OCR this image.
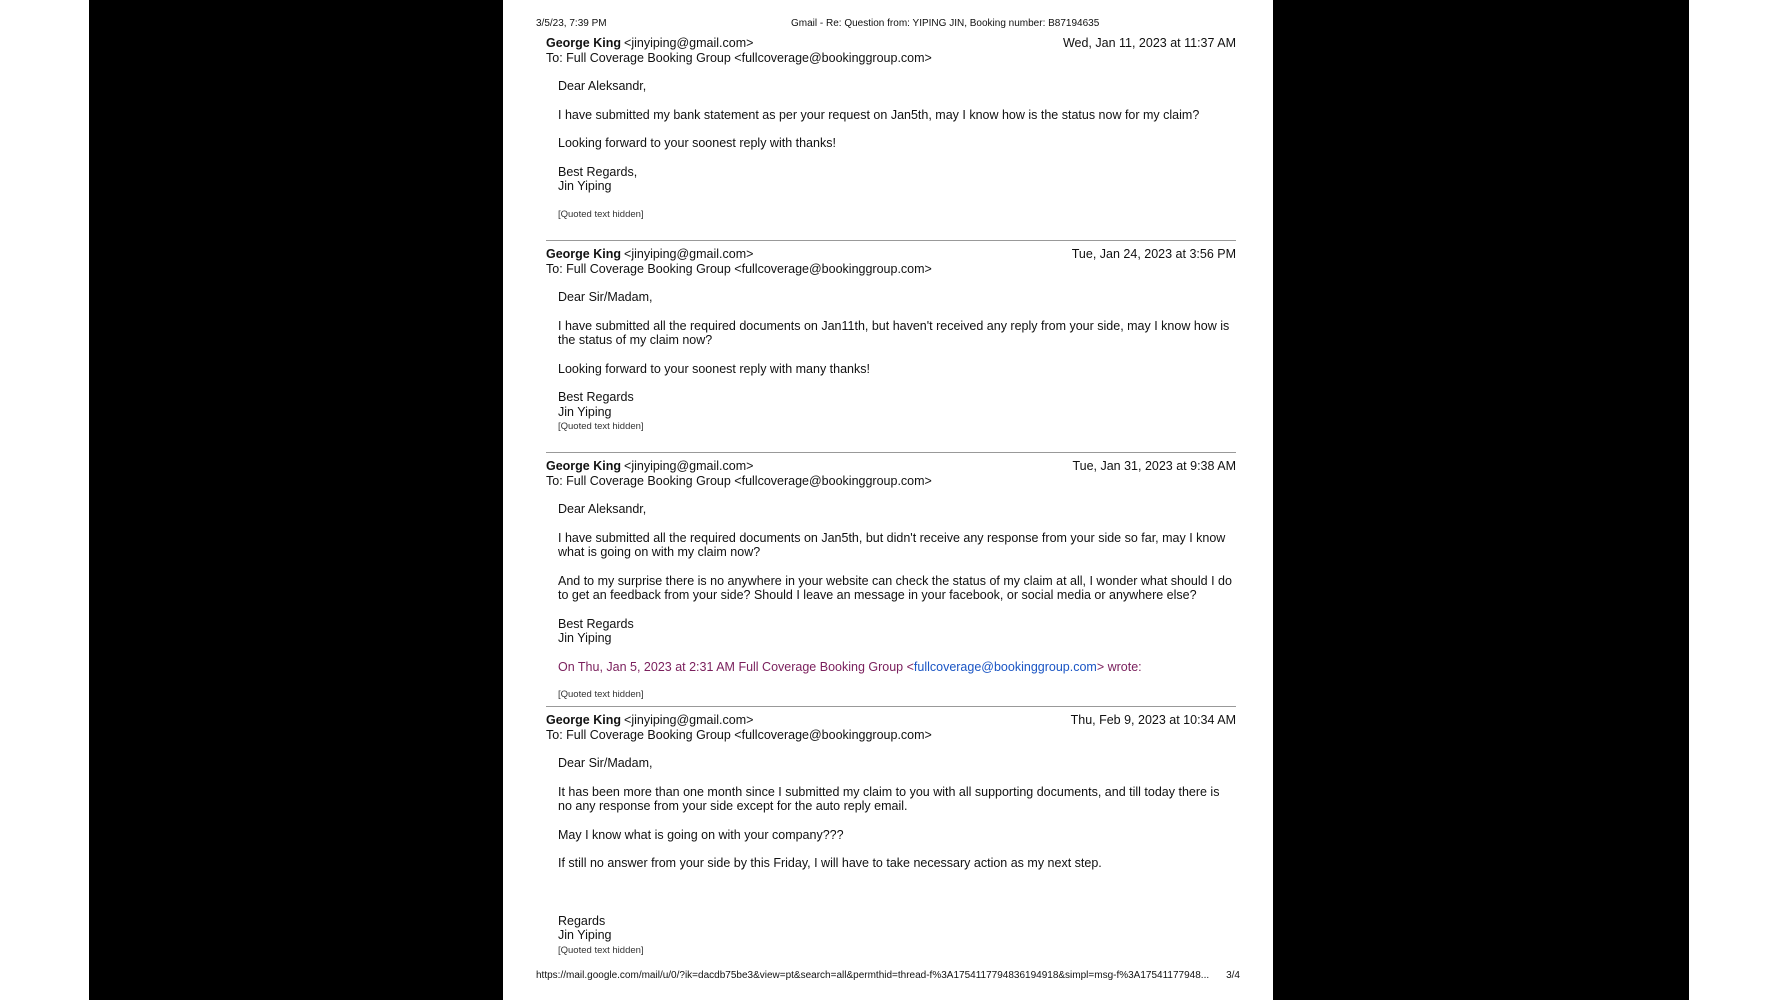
3/5/23, 7:39 PM	Gmail - Re: Question from: YIPING JIN, Booking number: B87194635
George King <jinyiping@gmail.com>	Wed, Jan 11, 2023 at 11:37 AM
To: Full Coverage Booking Group <fullcoverage@bookinggroup.com>

Dear Aleksandr,

I have submitted my bank statement as per your request on Jan5th, may I know how is the status now for my claim?

Looking forward to your soonest reply with thanks!

Best Regards,
Jin Yiping
[Quoted text hidden]
George King <jinyiping@gmail.com>	Tue, Jan 24, 2023 at 3:56 PM
To: Full Coverage Booking Group <fullcoverage@bookinggroup.com>

Dear Sir/Madam,

I have submitted all the required documents on Jan11th, but haven't received any reply from your side, may I know how is the status of my claim now?

Looking forward to your soonest reply with many thanks!

Best Regards
Jin Yiping
[Quoted text hidden]
George King <jinyiping@gmail.com>	Tue, Jan 31, 2023 at 9:38 AM
To: Full Coverage Booking Group <fullcoverage@bookinggroup.com>

Dear Aleksandr,

I have submitted all the required documents on Jan5th, but didn't receive any response from your side so far, may I know what is going on with my claim now?

And to my surprise there is no anywhere in your website can check the status of my claim at all, I wonder what should I do to get an feedback from your side? Should I leave an message in your facebook, or social media or anywhere else?

Best Regards
Jin Yiping

On Thu, Jan 5, 2023 at 2:31 AM Full Coverage Booking Group <fullcoverage@bookinggroup.com> wrote:

[Quoted text hidden]
George King <jinyiping@gmail.com>	Thu, Feb 9, 2023 at 10:34 AM
To: Full Coverage Booking Group <fullcoverage@bookinggroup.com>

Dear Sir/Madam,

It has been more than one month since I submitted my claim to you with all supporting documents, and till today there is no any response from your side except for the auto reply email.

May I know what is going on with your company???

If still no answer from your side by this Friday, I will have to take necessary action as my next step.

Regards
Jin Yiping
[Quoted text hidden]
https://mail.google.com/mail/u/0/?ik=dacdb75be3&view=pt&search=all&permthid=thread-f%3A1754117794836194918&simpl=msg-f%3A17541177948...	3/4
